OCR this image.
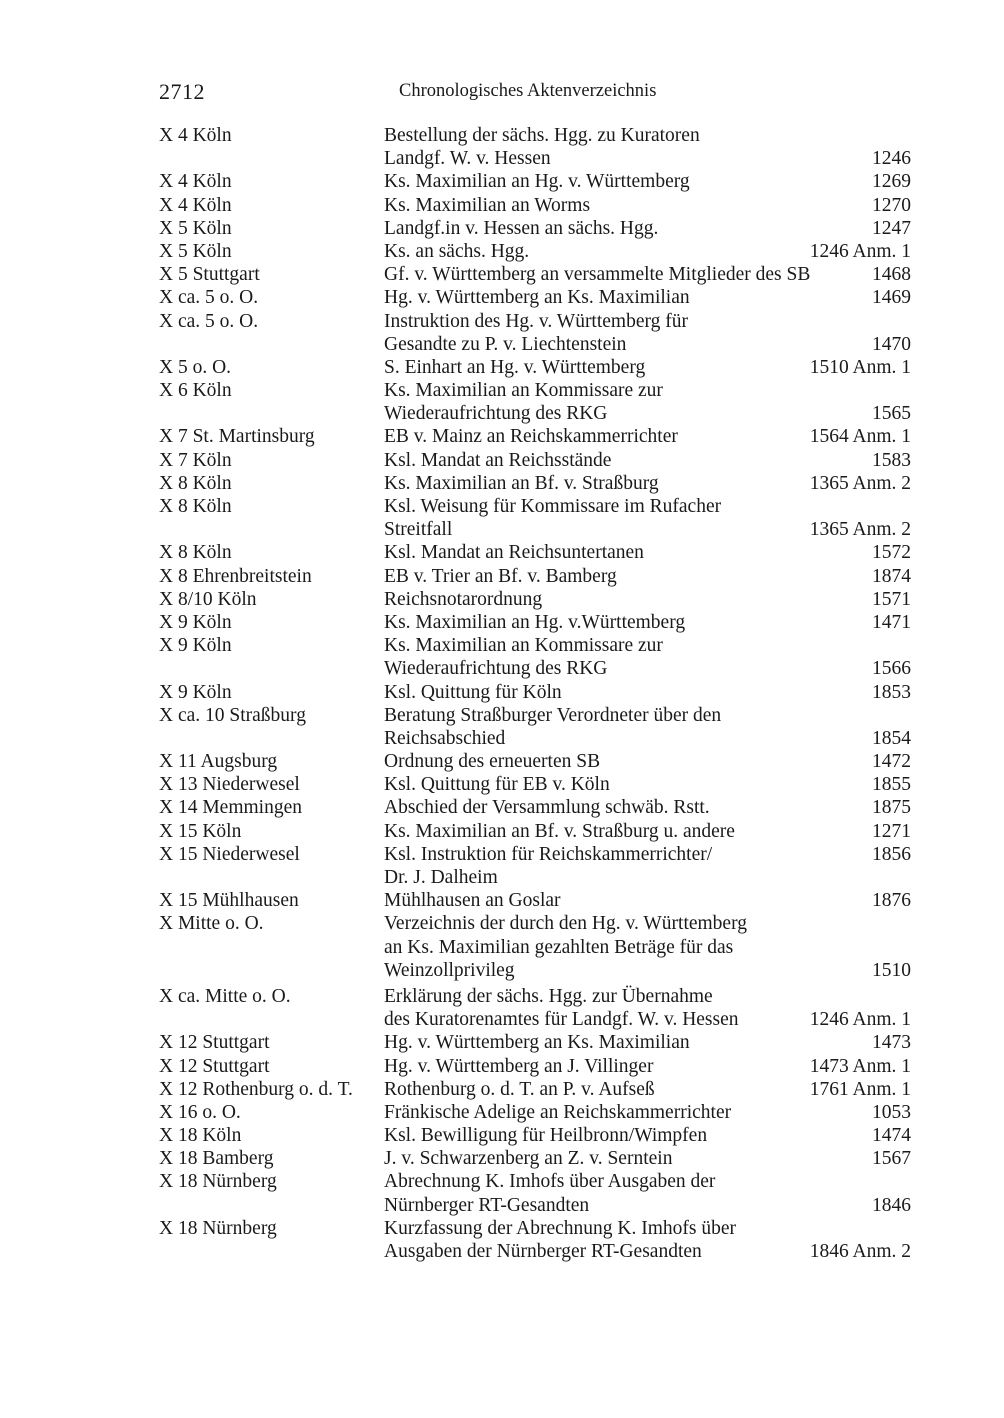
2712	Chronologisches Aktenverzeichnis
X 4 Köln	Bestellung der sächs. Hgg. zu Kuratoren
Landgf. W. v. Hessen	1246
X 4 Köln	Ks. Maximilian an Hg. v. Württemberg	1269
X 4 Köln	Ks. Maximilian an Worms	1270
X 5 Köln	Landgf.in v. Hessen an sächs. Hgg.	1247
X 5 Köln	Ks. an sächs. Hgg.	1246 Anm. 1
X 5 Stuttgart	Gf. v. Württemberg an versammelte Mitglieder des SB	1468
X ca. 5 o. O.	Hg. v. Württemberg an Ks. Maximilian	1469
X ca. 5 o. O.	Instruktion des Hg. v. Württemberg für
Gesandte zu P. v. Liechtenstein	1470
X 5 o. O.	S. Einhart an Hg. v. Württemberg	1510 Anm. 1
X 6 Köln	Ks. Maximilian an Kommissare zur
Wiederaufrichtung des RKG	1565
X 7 St. Martinsburg	EB v. Mainz an Reichskammerrichter	1564 Anm. 1
X 7 Köln	Ksl. Mandat an Reichsstände	1583
X 8 Köln	Ks. Maximilian an Bf. v. Straßburg	1365 Anm. 2
X 8 Köln	Ksl. Weisung für Kommissare im Rufacher
Streitfall	1365 Anm. 2
X 8 Köln	Ksl. Mandat an Reichsuntertanen	1572
X 8 Ehrenbreitstein	EB v. Trier an Bf. v. Bamberg	1874
X 8/10 Köln	Reichsnotarordnung	1571
X 9 Köln	Ks. Maximilian an Hg. v.Württemberg	1471
X 9 Köln	Ks. Maximilian an Kommissare zur
Wiederaufrichtung des RKG	1566
X 9 Köln	Ksl. Quittung für Köln	1853
X ca. 10 Straßburg	Beratung Straßburger Verordneter über den
Reichsabschied	1854
X 11 Augsburg	Ordnung des erneuerten SB	1472
X 13 Niederwesel	Ksl. Quittung für EB v. Köln	1855
X 14 Memmingen	Abschied der Versammlung schwäb. Rstt.	1875
X 15 Köln	Ks. Maximilian an Bf. v. Straßburg u. andere	1271
X 15 Niederwesel	Ksl. Instruktion für Reichskammerrichter/	1856
Dr. J. Dalheim
X 15 Mühlhausen	Mühlhausen an Goslar	1876
X Mitte o. O.	Verzeichnis der durch den Hg. v. Württemberg
an Ks. Maximilian gezahlten Beträge für das
Weinzollprivileg	1510
X ca. Mitte o. O.	Erklärung der sächs. Hgg. zur Übernahme
des Kuratorenamtes für Landgf. W. v. Hessen	1246 Anm. 1
X 12 Stuttgart	Hg. v. Württemberg an Ks. Maximilian	1473
X 12 Stuttgart	Hg. v. Württemberg an J. Villinger	1473 Anm. 1
X 12 Rothenburg o. d. T.	Rothenburg o. d. T. an P. v. Aufseß	1761 Anm. 1
X 16 o. O.	Fränkische Adelige an Reichskammerrichter	1053
X 18 Köln	Ksl. Bewilligung für Heilbronn/Wimpfen	1474
X 18 Bamberg	J. v. Schwarzenberg an Z. v. Serntein	1567
X 18 Nürnberg	Abrechnung K. Imhofs über Ausgaben der
Nürnberger RT-Gesandten	1846
X 18 Nürnberg	Kurzfassung der Abrechnung K. Imhofs über
Ausgaben der Nürnberger RT-Gesandten	1846 Anm. 2
